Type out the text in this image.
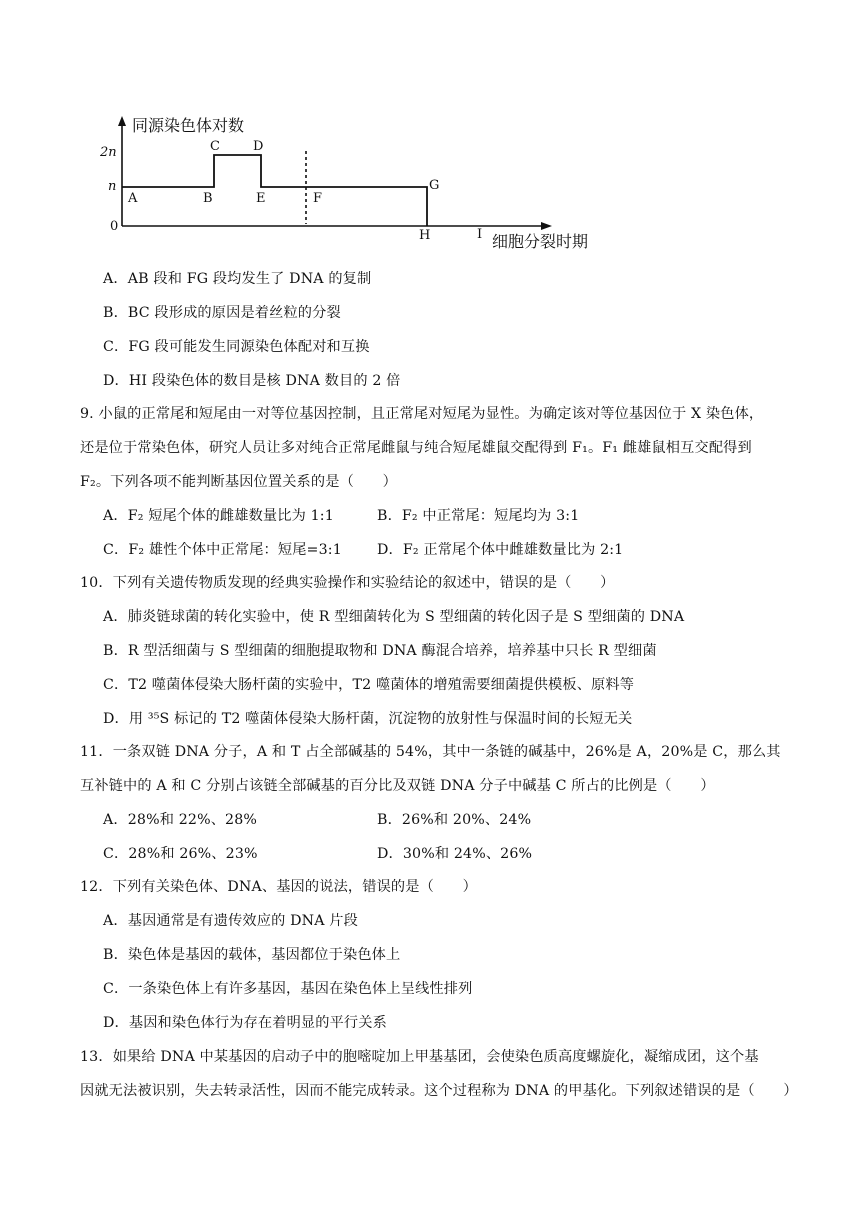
同源染色体对数
细胞分裂时期
2n
n
0
A	B
C	D
E	F
G
H	I
A．AB 段和 FG 段均发生了 DNA 的复制
B．BC 段形成的原因是着丝粒的分裂
C．FG 段可能发生同源染色体配对和互换
D．HI 段染色体的数目是核 DNA 数目的 2 倍
9. 小鼠的正常尾和短尾由一对等位基因控制，且正常尾对短尾为显性。为确定该对等位基因位于 X 染色体，
还是位于常染色体，研究人员让多对纯合正常尾雌鼠与纯合短尾雄鼠交配得到 F₁。F₁ 雌雄鼠相互交配得到
F₂。下列各项不能判断基因位置关系的是（　　）
A．F₂ 短尾个体的雌雄数量比为 1:1	B．F₂ 中正常尾：短尾均为 3:1
C．F₂ 雄性个体中正常尾：短尾=3:1 D．F₂ 正常尾个体中雌雄数量比为 2:1
10．下列有关遗传物质发现的经典实验操作和实验结论的叙述中，错误的是（　　）
A．肺炎链球菌的转化实验中，使 R 型细菌转化为 S 型细菌的转化因子是 S 型细菌的 DNA
B．R 型活细菌与 S 型细菌的细胞提取物和 DNA 酶混合培养，培养基中只长 R 型细菌
C．T2 噬菌体侵染大肠杆菌的实验中，T2 噬菌体的增殖需要细菌提供模板、原料等
D．用 ³⁵S 标记的 T2 噬菌体侵染大肠杆菌，沉淀物的放射性与保温时间的长短无关
11．一条双链 DNA 分子，A 和 T 占全部碱基的 54%，其中一条链的碱基中，26%是 A，20%是 C，那么其
互补链中的 A 和 C 分别占该链全部碱基的百分比及双链 DNA 分子中碱基 C 所占的比例是（　　）
A．28%和 22%、28%	B．26%和 20%、24%
C．28%和 26%、23%	D．30%和 24%、26%
12．下列有关染色体、DNA、基因的说法，错误的是（　　）
A．基因通常是有遗传效应的 DNA 片段
B．染色体是基因的载体，基因都位于染色体上
C．一条染色体上有许多基因，基因在染色体上呈线性排列
D．基因和染色体行为存在着明显的平行关系
13．如果给 DNA 中某基因的启动子中的胞嘧啶加上甲基基团，会使染色质高度螺旋化，凝缩成团，这个基
因就无法被识别，失去转录活性，因而不能完成转录。这个过程称为 DNA 的甲基化。下列叙述错误的是（　　）
